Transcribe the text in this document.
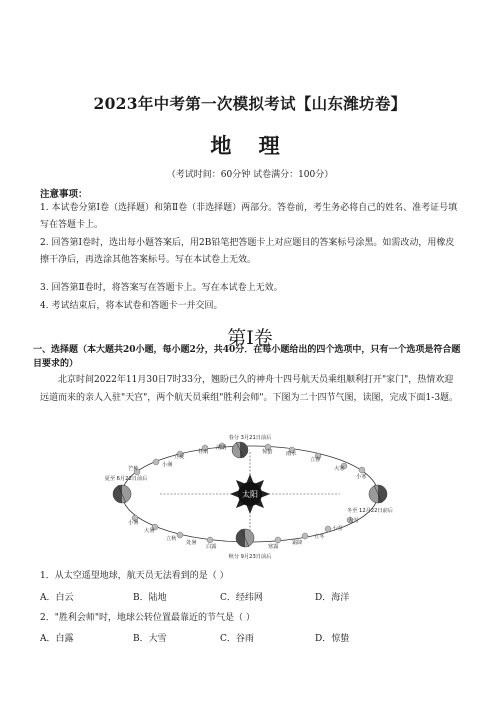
2023年中考第一次模拟考试【山东潍坊卷】
地 理
（考试时间：60分钟 试卷满分：100分）
注意事项：
1. 本试卷分第Ⅰ卷（选择题）和第Ⅱ卷（非选择题）两部分。答卷前，考生务必将自己的姓名、准考证号填写在答题卡上。
2. 回答第Ⅰ卷时，选出每小题答案后，用2B铅笔把答题卡上对应题目的答案标号涂黑。如需改动，用橡皮擦干净后，再选涂其他答案标号。写在本试卷上无效。
3. 回答第Ⅱ卷时，将答案写在答题卡上。写在本试卷上无效。
4. 考试结束后，将本试卷和答题卡一并交回。
第Ⅰ卷
一、选择题（本大题共20小题，每小题2分，共40分．在每小题给出的四个选项中，只有一个选项是符合题目要求的）
北京时间2022年11月30日7时33分，翘盼已久的神舟十四号航天员乘组顺利打开"家门"，热情欢迎远道而来的亲人入驻"天宫"，两个航天员乘组"胜利会师"。下图为二十四节气图，读图，完成下面1-3题。
太阳
春分 3月21日前后
夏至 6月22日前后
秋分 9月23日前后
冬至 12月22日前后
小满
立夏
谷雨
清明
惊蛰	雨水
立春
大寒
小寒
芒种
小暑
大暑
立秋
处暑
白露	寒露
霜降
立冬
小雪
大雪
1．从太空遥望地球，航天员无法看到的是（ ）
A．白云	B．陆地	C．经纬网	D．海洋
2．"胜利会师"时，地球公转位置最靠近的节气是（ ）
A．白露	B．大雪	C．谷雨	D．惊蛰
